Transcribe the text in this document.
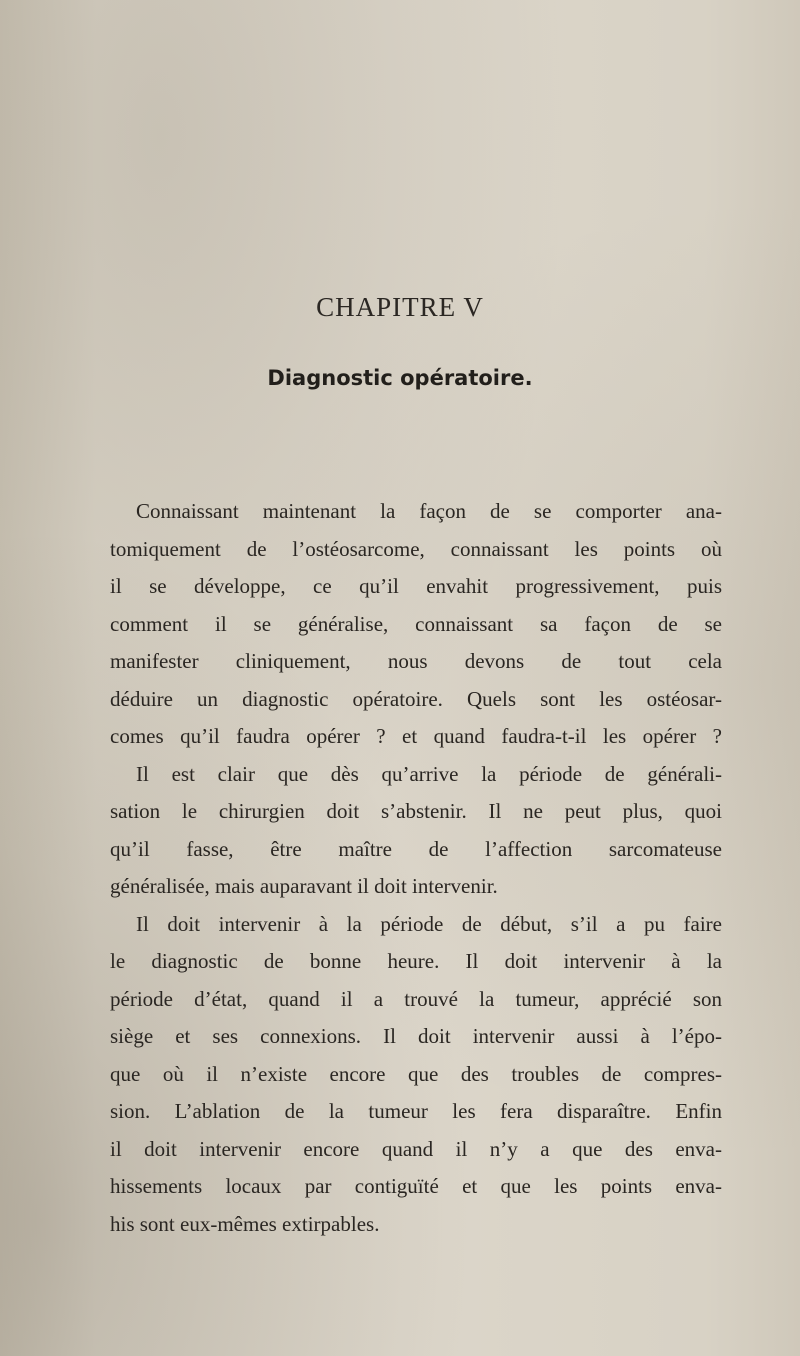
CHAPITRE V
Diagnostic opératoire.
Connaissant maintenant la façon de se comporter ana-
tomiquement de l’ostéosarcome, connaissant les points où
il se développe, ce qu’il envahit progressivement, puis
comment il se généralise, connaissant sa façon de se
manifester cliniquement, nous devons de tout cela
déduire un diagnostic opératoire. Quels sont les ostéosar-
comes qu’il faudra opérer ? et quand faudra-t-il les opérer ?
Il est clair que dès qu’arrive la période de générali-
sation le chirurgien doit s’abstenir. Il ne peut plus, quoi
qu’il fasse, être maître de l’affection sarcomateuse
généralisée, mais auparavant il doit intervenir.
Il doit intervenir à la période de début, s’il a pu faire
le diagnostic de bonne heure. Il doit intervenir à la
période d’état, quand il a trouvé la tumeur, apprécié son
siège et ses connexions. Il doit intervenir aussi à l’épo-
que où il n’existe encore que des troubles de compres-
sion. L’ablation de la tumeur les fera disparaître. Enfin
il doit intervenir encore quand il n’y a que des enva-
hissements locaux par contiguïté et que les points enva-
his sont eux-mêmes extirpables.
